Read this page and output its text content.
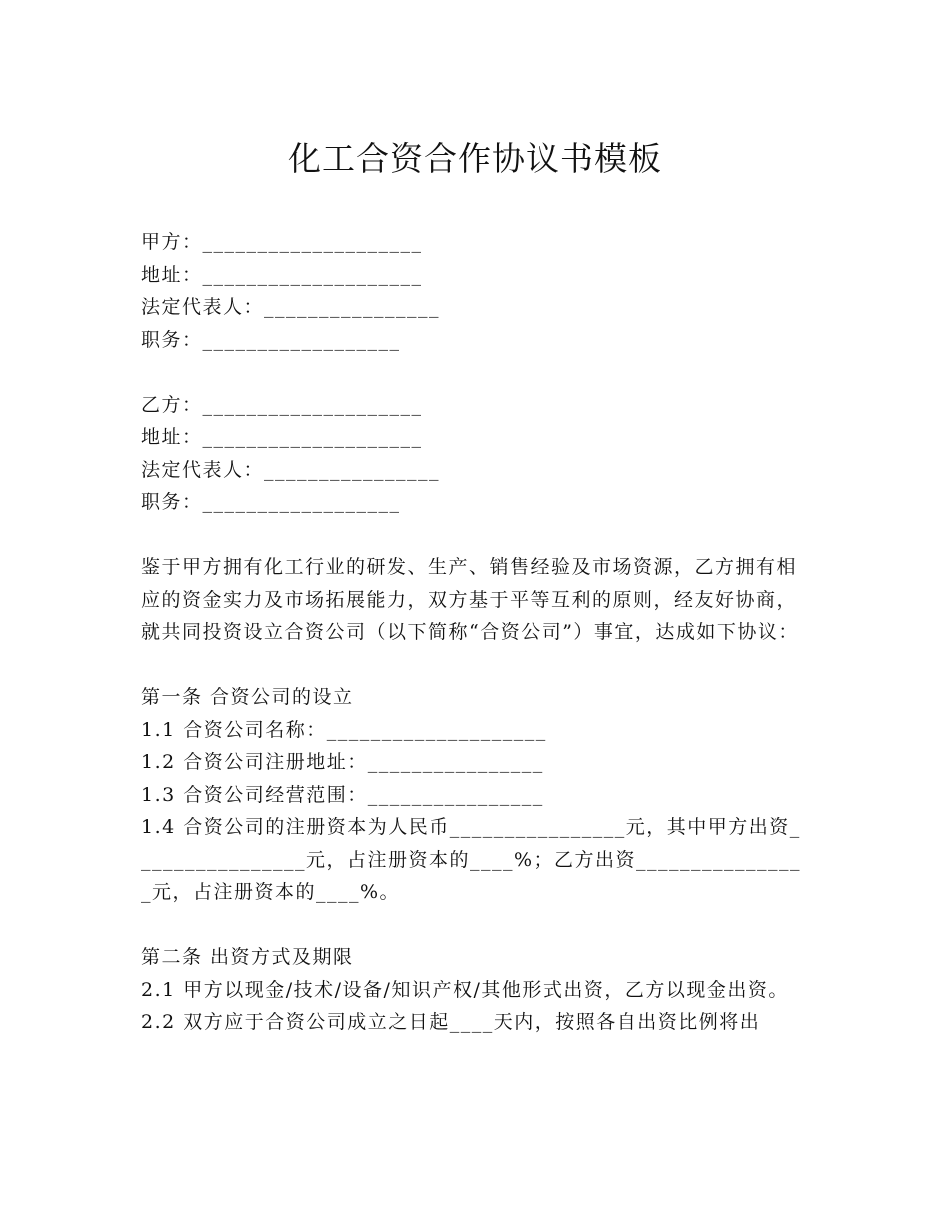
化工合资合作协议书模板
甲方：____________________
地址：____________________
法定代表人：________________
职务：__________________
乙方：____________________
地址：____________________
法定代表人：________________
职务：__________________
鉴于甲方拥有化工行业的研发、生产、销售经验及市场资源，乙方拥有相应的资金实力及市场拓展能力，双方基于平等互利的原则，经友好协商，就共同投资设立合资公司（以下简称“合资公司”）事宜，达成如下协议：
第一条 合资公司的设立
1.1 合资公司名称：____________________
1.2 合资公司注册地址：________________
1.3 合资公司经营范围：________________
1.4 合资公司的注册资本为人民币________________元，其中甲方出资________________元，占注册资本的____%；乙方出资________________元，占注册资本的____%。
第二条 出资方式及期限
2.1 甲方以现金/技术/设备/知识产权/其他形式出资，乙方以现金出资。
2.2 双方应于合资公司成立之日起____天内，按照各自出资比例将出
